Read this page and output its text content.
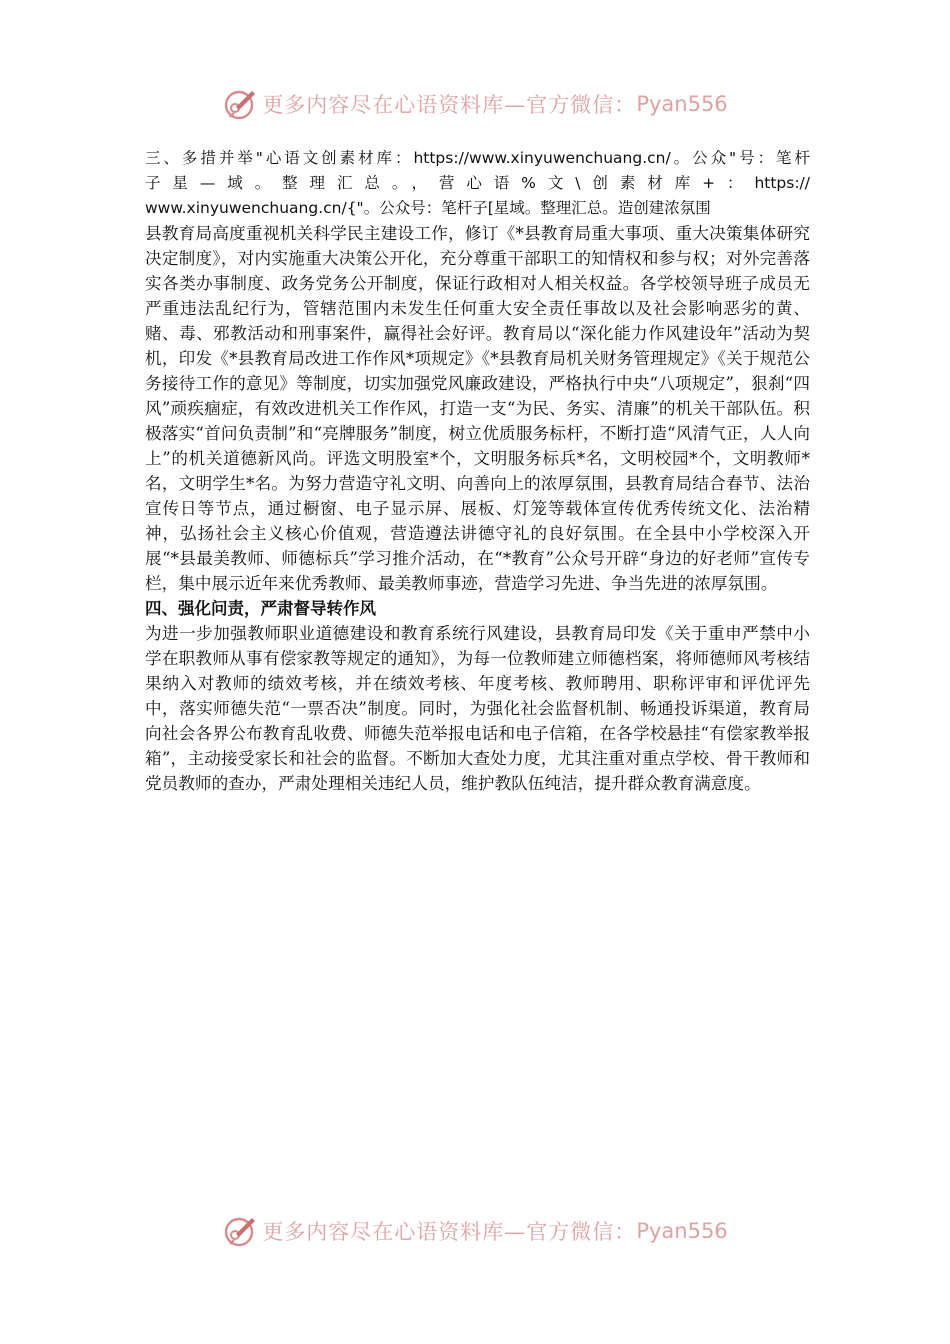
更多内容尽在心语资料库—官方微信： Pyan556
三、多措并举"心语文创素材库：https://www.xinyuwenchuang.cn/。公众"号：笔杆
子星—域。整理汇总。，营心语%文\创素材库+：https://
www.xinyuwenchuang.cn/{"。公众号：笔杆子[星域。整理汇总。造创建浓氛围

县教育局高度重视机关科学民主建设工作，修订《*县教育局重大事项、重大决策集体研究决定制度》，对内实施重大决策公开化，充分尊重干部职工的知情权和参与权；对外完善落实各类办事制度、政务党务公开制度，保证行政相对人相关权益。各学校领导班子成员无严重违法乱纪行为，管辖范围内未发生任何重大安全责任事故以及社会影响恶劣的黄、赌、毒、邪教活动和刑事案件，赢得社会好评。教育局以“深化能力作风建设年”活动为契机，印发《*县教育局改进工作作风*项规定》《*县教育局机关财务管理规定》《关于规范公务接待工作的意见》等制度，切实加强党风廉政建设，严格执行中央“八项规定”，狠刹“四风”顽疾痼症，有效改进机关工作作风，打造一支“为民、务实、清廉”的机关干部队伍。积极落实“首问负责制”和“亮牌服务”制度，树立优质服务标杆，不断打造“风清气正，人人向上”的机关道德新风尚。评选文明股室*个，文明服务标兵*名，文明校园*个，文明教师*名，文明学生*名。为努力营造守礼文明、向善向上的浓厚氛围，县教育局结合春节、法治宣传日等节点，通过橱窗、电子显示屏、展板、灯笼等载体宣传优秀传统文化、法治精神，弘扬社会主义核心价值观，营造遵法讲德守礼的良好氛围。在全县中小学校深入开展“*县最美教师、师德标兵”学习推介活动，在“*教育”公众号开辟“身边的好老师”宣传专栏，集中展示近年来优秀教师、最美教师事迹，营造学习先进、争当先进的浓厚氛围。

四、强化问责，严肃督导转作风

为进一步加强教师职业道德建设和教育系统行风建设，县教育局印发《关于重申严禁中小学在职教师从事有偿家教等规定的通知》，为每一位教师建立师德档案，将师德师风考核结果纳入对教师的绩效考核，并在绩效考核、年度考核、教师聘用、职称评审和评优评先中，落实师德失范“一票否决”制度。同时，为强化社会监督机制、畅通投诉渠道，教育局向社会各界公布教育乱收费、师德失范举报电话和电子信箱，在各学校悬挂“有偿家教举报箱”，主动接受家长和社会的监督。不断加大查处力度，尤其注重对重点学校、骨干教师和党员教师的查办，严肃处理相关违纪人员，维护教队伍纯洁，提升群众教育满意度。

更多内容尽在心语资料库—官方微信： Pyan556
